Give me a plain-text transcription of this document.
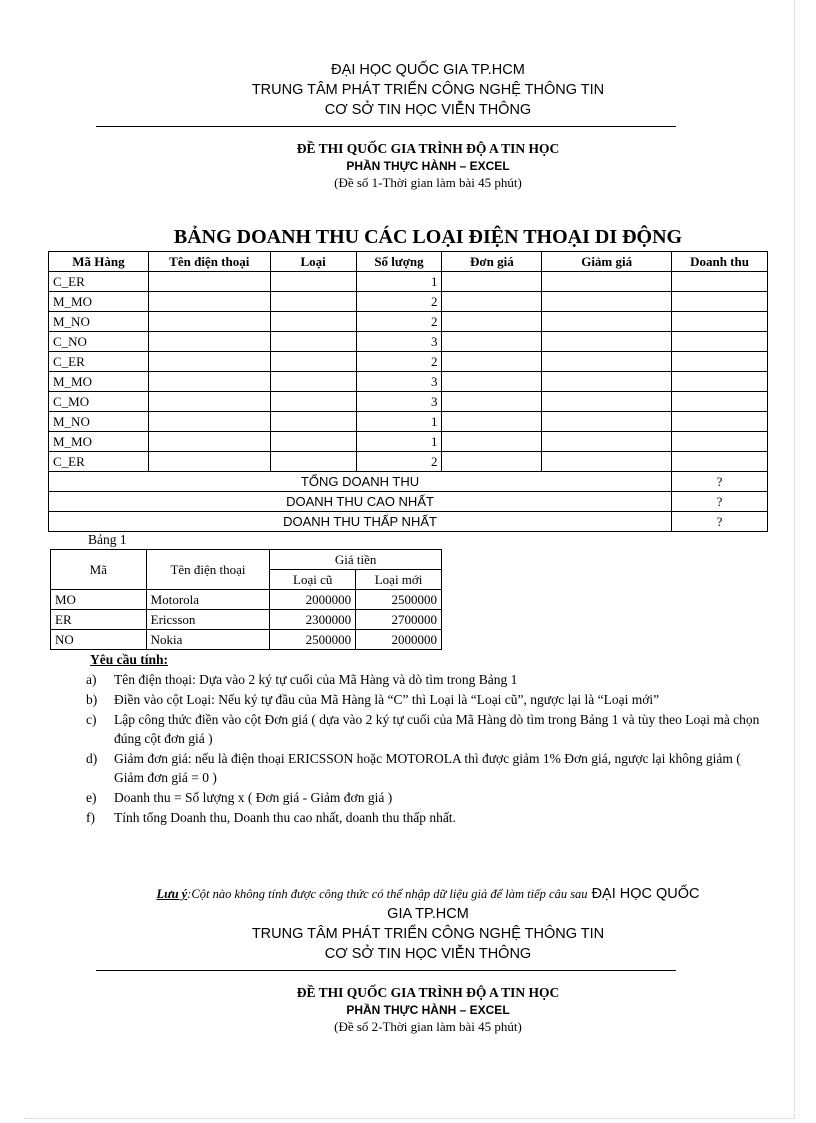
ĐẠI HỌC QUỐC GIA TP.HCM
TRUNG TÂM PHÁT TRIỂN CÔNG NGHỆ THÔNG TIN
CƠ SỞ TIN HỌC VIỄN THÔNG
ĐỀ THI QUỐC GIA TRÌNH ĐỘ A TIN HỌC
PHẦN THỰC HÀNH – EXCEL
(Đề số 1-Thời gian làm bài 45 phút)
BẢNG DOANH THU CÁC LOẠI ĐIỆN THOẠI DI ĐỘNG
Mã Hàng	Tên điện thoại	Loại	Số lượng	Đơn giá	Giảm giá	Doanh thu
C_ER			1			
M_MO			2			
M_NO			2			
C_NO			3			
C_ER			2			
M_MO			3			
C_MO			3			
M_NO			1			
M_MO			1			
C_ER			2			
TỔNG DOANH THU						?
DOANH THU CAO NHẤT						?
DOANH THU THẤP NHẤT						?
Bảng 1
Mã	Tên điện thoại	Giá tiền	
		Loại cũ	Loại mới
MO	Motorola	2000000	2500000
ER	Ericsson	2300000	2700000
NO	Nokia	2500000	2000000
Yêu cầu tính:
a) Tên điện thoại: Dựa vào 2 ký tự cuối của Mã Hàng và dò tìm trong Bảng 1
b) Điền vào cột Loại: Nếu ký tự đầu của Mã Hàng là “C” thì Loại là “Loại cũ”, ngược lại là “Loại mới”
c) Lập công thức điền vào cột Đơn giá ( dựa vào 2 ký tự cuối của Mã Hàng dò tìm trong Bảng 1 và tùy theo Loại mà chọn đúng cột đơn giá )
d) Giảm đơn giá: nếu là điện thoại ERICSSON hoặc MOTOROLA thì được giảm 1% Đơn giá, ngược lại không giảm ( Giảm đơn giá = 0 )
e) Doanh thu = Số lượng x ( Đơn giá - Giảm đơn giá )
f) Tính tổng Doanh thu, Doanh thu cao nhất, doanh thu thấp nhất.
Lưu ý:Cột nào không tính được công thức có thể nhập dữ liệu giả để làm tiếp câu sau ĐẠI HỌC QUỐC
GIA TP.HCM
TRUNG TÂM PHÁT TRIỂN CÔNG NGHỆ THÔNG TIN
CƠ SỞ TIN HỌC VIỄN THÔNG
ĐỀ THI QUỐC GIA TRÌNH ĐỘ A TIN HỌC
PHẦN THỰC HÀNH – EXCEL
(Đề số 2-Thời gian làm bài 45 phút)
